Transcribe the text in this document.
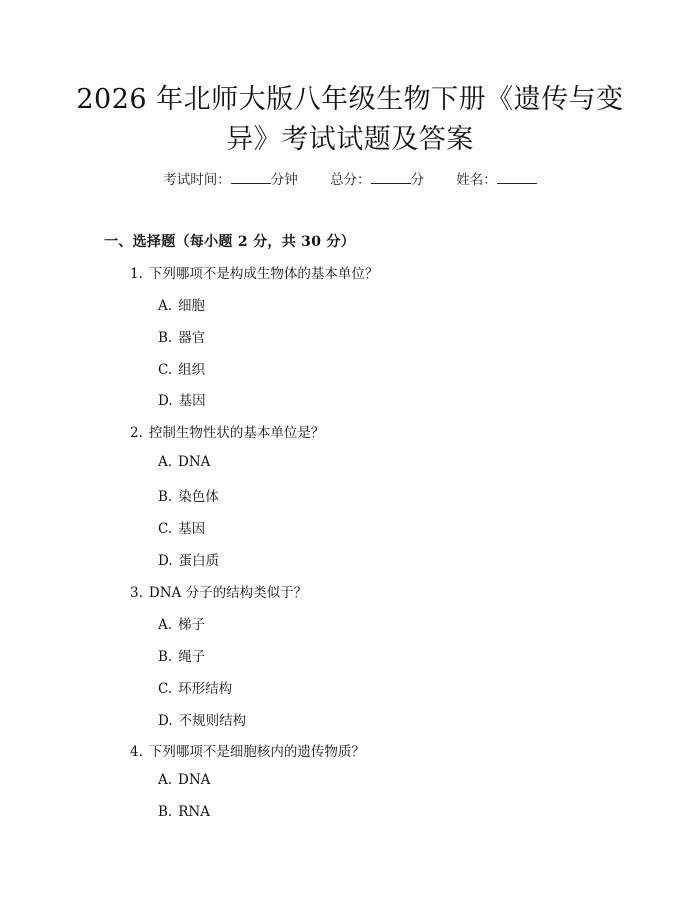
2026 年北师大版八年级生物下册《遗传与变
异》考试试题及答案
考试时间：	分钟 总分：	分 姓名：
一、选择题（每小题 2 分，共 30 分）
1. 下列哪项不是构成生物体的基本单位？
A. 细胞
B. 器官
C. 组织
D. 基因
2. 控制生物性状的基本单位是？
A. DNA
B. 染色体
C. 基因
D. 蛋白质
3. DNA 分子的结构类似于？
A. 梯子
B. 绳子
C. 环形结构
D. 不规则结构
4. 下列哪项不是细胞核内的遗传物质？
A. DNA
B. RNA
